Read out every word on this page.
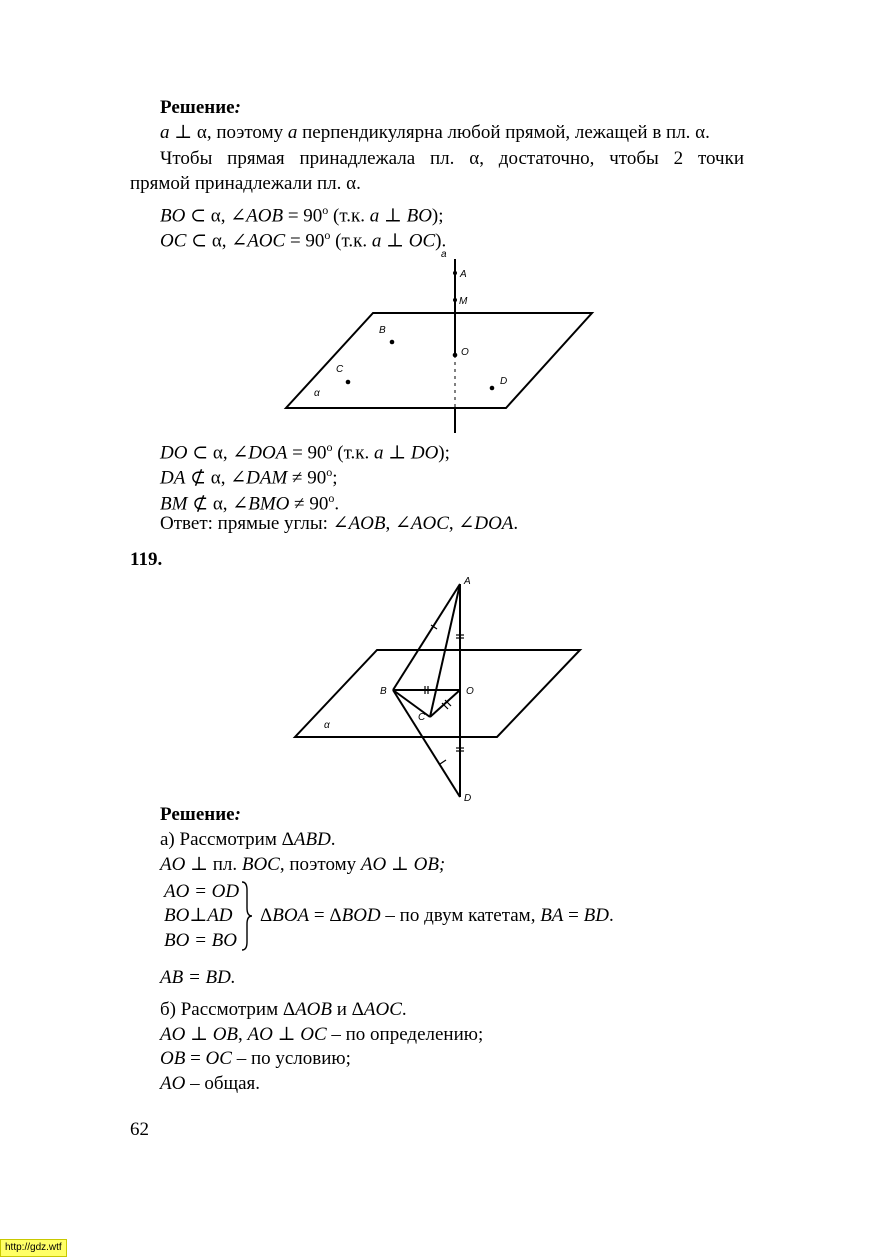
Решение:
a ⊥ α, поэтому a перпендикулярна любой прямой, лежащей в пл. α.
Чтобы прямая принадлежала пл. α, достаточно, чтобы 2 точки
прямой принадлежали пл. α.
BO ⊂ α, ∠AOB = $90^o$ (т.к. a ⊥ BO);
OC ⊂ α, ∠AOC = $90^o$ (т.к. a ⊥ OC).
a
A
M
B
O
C
D
α
DO ⊂ α, ∠DOA = $90^o$ (т.к. a ⊥ DO);
DA ⊄ α, ∠DAM ≠ $90^o$;
BM ⊄ α, ∠BMO ≠ $90^o$.
Ответ: прямые углы: ∠AOB, ∠AOC, ∠DOA.
119.
A
B	O
C
D
α
Решение:
а) Рассмотрим ΔABD.
AO ⊥ пл. BOC, поэтому AO ⊥ OB;
AO = OD
BO⊥AD
BO = BO
ΔBOA = ΔBOD – по двум катетам, BA = BD.
AB = BD.
б) Рассмотрим ΔAOB и ΔAOC.
AO ⊥ OB, AO ⊥ OC – по определению;
OB = OC – по условию;
AO – общая.
62
http://gdz.wtf
